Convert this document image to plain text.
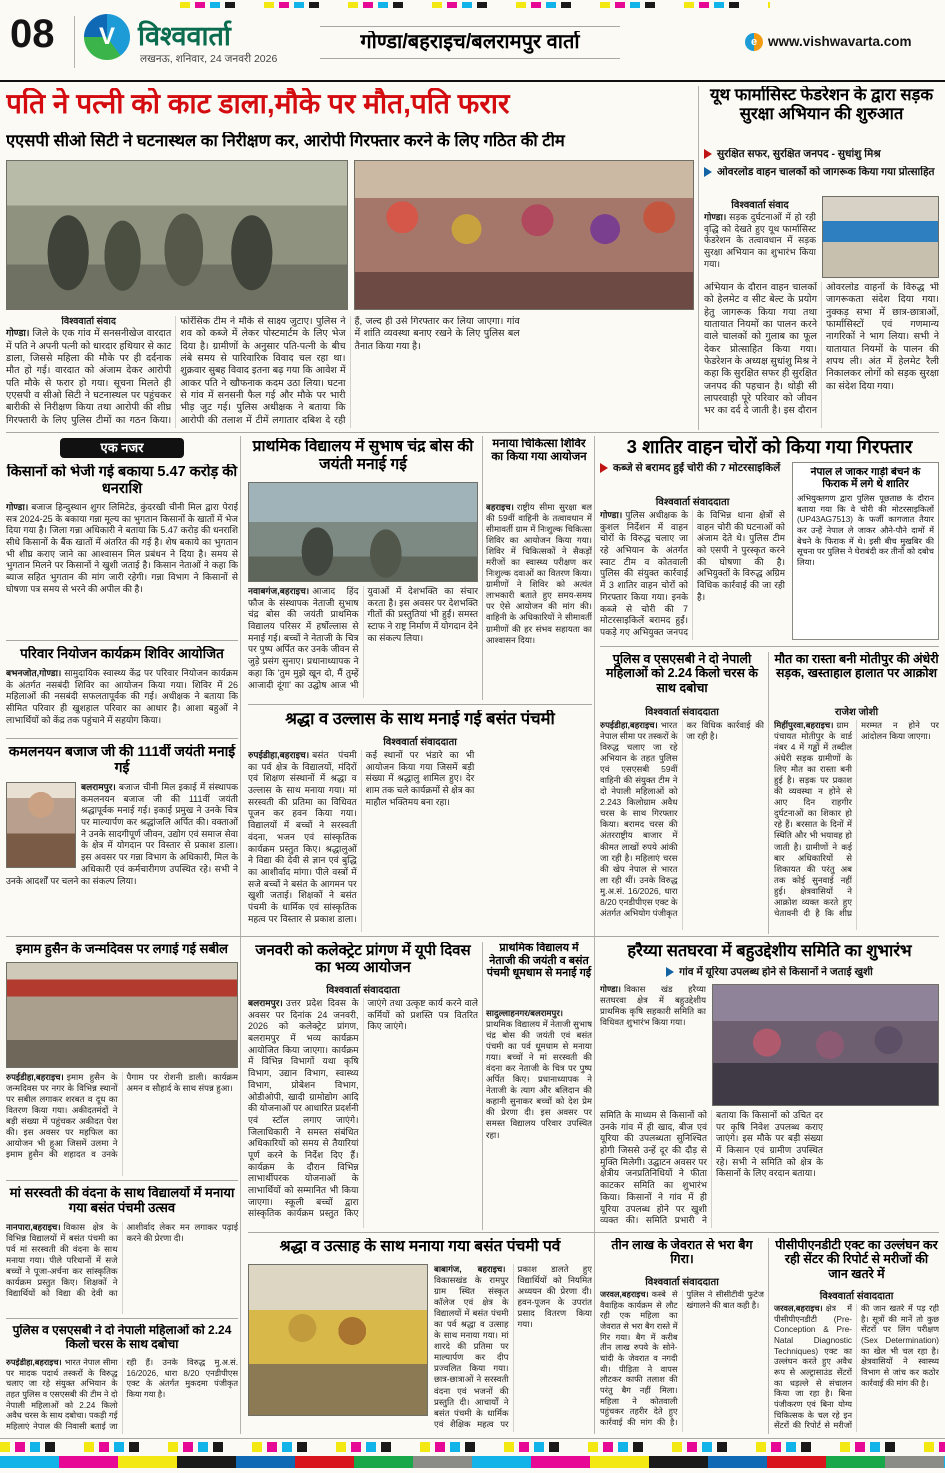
08	V विश्ववार्ता
लखनऊ, शनिवार, 24 जनवरी 2026
गोण्डा/बहराइच/बलरामपुर वार्ता	e www.vishwavarta.com
पति ने पत्नी को काट डाला,मौके पर मौत,पति फरार
एएसपी सीओ सिटी ने घटनास्थल का निरीक्षण कर, आरोपी गिरफ्तार करने के लिए गठित की टीम
विश्ववार्ता संवाद
गोण्डा। जिले के एक गांव में सनसनीखेज वारदात में पति ने अपनी पत्नी को धारदार हथियार से काट डाला, जिससे महिला की मौके पर ही दर्दनाक मौत हो गई। वारदात को अंजाम देकर आरोपी पति मौके से फरार हो गया। सूचना मिलते ही एएसपी व सीओ सिटी ने घटनास्थल पर पहुंचकर बारीकी से निरीक्षण किया तथा आरोपी की शीघ्र गिरफ्तारी के लिए पुलिस टीमों का गठन किया। फोरेंसिक टीम ने मौके से साक्ष्य जुटाए। पुलिस ने शव को कब्जे में लेकर पोस्टमार्टम के लिए भेज दिया है। ग्रामीणों के अनुसार पति-पत्नी के बीच लंबे समय से पारिवारिक विवाद चल रहा था। शुक्रवार सुबह विवाद इतना बढ़ गया कि आवेश में आकर पति ने खौफनाक कदम उठा लिया। घटना से गांव में सनसनी फैल गई और मौके पर भारी भीड़ जुट गई। पुलिस अधीक्षक ने बताया कि आरोपी की तलाश में टीमें लगातार दबिश दे रही हैं, जल्द ही उसे गिरफ्तार कर लिया जाएगा। गांव में शांति व्यवस्था बनाए रखने के लिए पुलिस बल तैनात किया गया है।
यूथ फार्मासिस्ट फेडरेशन के द्वारा सड़क सुरक्षा अभियान की शुरुआत
सुरक्षित सफर, सुरक्षित जनपद - सुधांशु मिश्र
ओवरलोड वाहन चालकों को जागरूक किया गया प्रोत्साहित
विश्ववार्ता संवाद
गोण्डा। सड़क दुर्घटनाओं में हो रही वृद्धि को देखते हुए यूथ फार्मासिस्ट फेडरेशन के तत्वावधान में सड़क सुरक्षा अभियान का शुभारंभ किया गया।
अभियान के दौरान वाहन चालकों को हेलमेट व सीट बेल्ट के प्रयोग हेतु जागरूक किया गया तथा यातायात नियमों का पालन करने वाले चालकों को गुलाब का फूल देकर प्रोत्साहित किया गया। फेडरेशन के अध्यक्ष सुधांशु मिश्र ने कहा कि सुरक्षित सफर ही सुरक्षित जनपद की पहचान है। थोड़ी सी लापरवाही पूरे परिवार को जीवन भर का दर्द दे जाती है। इस दौरान ओवरलोड वाहनों के विरुद्ध भी जागरूकता संदेश दिया गया। नुक्कड़ सभा में छात्र-छात्राओं, फार्मासिस्टों एवं गणमान्य नागरिकों ने भाग लिया। सभी ने यातायात नियमों के पालन की शपथ ली। अंत में हेलमेट रैली निकालकर लोगों को सड़क सुरक्षा का संदेश दिया गया।
एक नजर
किसानों को भेजी गई बकाया 5.47 करोड़ की धनराशि
गोण्डा। बजाज हिन्दुस्थान शुगर लिमिटेड, कुंदरखी चीनी मिल द्वारा पेराई सत्र 2024-25 के बकाया गन्ना मूल्य का भुगतान किसानों के खातों में भेज दिया गया है। जिला गन्ना अधिकारी ने बताया कि 5.47 करोड़ की धनराशि सीधे किसानों के बैंक खातों में अंतरित की गई है। शेष बकाये का भुगतान भी शीघ्र कराए जाने का आश्वासन मिल प्रबंधन ने दिया है। समय से भुगतान मिलने पर किसानों ने खुशी जताई है। किसान नेताओं ने कहा कि ब्याज सहित भुगतान की मांग जारी रहेगी। गन्ना विभाग ने किसानों से घोषणा पत्र समय से भरने की अपील की है।
परिवार नियोजन कार्यक्रम शिविर आयोजित
बभनजोत,गोण्डा। सामुदायिक स्वास्थ्य केंद्र पर परिवार नियोजन कार्यक्रम के अंतर्गत नसबंदी शिविर का आयोजन किया गया। शिविर में 26 महिलाओं की नसबंदी सफलतापूर्वक की गई। अधीक्षक ने बताया कि सीमित परिवार ही खुशहाल परिवार का आधार है। आशा बहुओं ने लाभार्थियों को केंद्र तक पहुंचाने में सहयोग किया।
कमलनयन बजाज जी की 111वीं जयंती मनाई गई
बलरामपुर। बजाज चीनी मिल इकाई में संस्थापक कमलनयन बजाज जी की 111वीं जयंती श्रद्धापूर्वक मनाई गई। इकाई प्रमुख ने उनके चित्र पर माल्यार्पण कर श्रद्धांजलि अर्पित की। वक्ताओं ने उनके सादगीपूर्ण जीवन, उद्योग एवं समाज सेवा के क्षेत्र में योगदान पर विस्तार से प्रकाश डाला। इस अवसर पर गन्ना विभाग के अधिकारी, मिल के अधिकारी एवं कर्मचारीगण उपस्थित रहे। सभी ने उनके आदर्शों पर चलने का संकल्प लिया।
प्राथमिक विद्यालय में सुभाष चंद्र बोस की जयंती मनाई गई
नवाबगंज,बहराइच। आजाद हिंद फौज के संस्थापक नेताजी सुभाष चंद्र बोस की जयंती प्राथमिक विद्यालय परिसर में हर्षोल्लास से मनाई गई। बच्चों ने नेताजी के चित्र पर पुष्प अर्पित कर उनके जीवन से जुड़े प्रसंग सुनाए। प्रधानाध्यापक ने कहा कि 'तुम मुझे खून दो, मैं तुम्हें आजादी दूंगा' का उद्घोष आज भी युवाओं में देशभक्ति का संचार करता है। इस अवसर पर देशभक्ति गीतों की प्रस्तुतियां भी हुईं। समस्त स्टाफ ने राष्ट्र निर्माण में योगदान देने का संकल्प लिया।
मनाया चिकित्सा शिविर का किया गया आयोजन
बहराइच। राष्ट्रीय सीमा सुरक्षा बल की 59वीं वाहिनी के तत्वावधान में सीमावर्ती ग्राम में निःशुल्क चिकित्सा शिविर का आयोजन किया गया। शिविर में चिकित्सकों ने सैकड़ों मरीजों का स्वास्थ्य परीक्षण कर निःशुल्क दवाओं का वितरण किया। ग्रामीणों ने शिविर को अत्यंत लाभकारी बताते हुए समय-समय पर ऐसे आयोजन की मांग की। वाहिनी के अधिकारियों ने सीमावर्ती ग्रामीणों की हर संभव सहायता का आश्वासन दिया।
3 शातिर वाहन चोरों को किया गया गिरफ्तार
कब्जे से बरामद हुईं चोरी की 7 मोटरसाइकिलें
विश्ववार्ता संवाददाता
गोण्डा। पुलिस अधीक्षक के कुशल निर्देशन में वाहन चोरों के विरुद्ध चलाए जा रहे अभियान के अंतर्गत स्वाट टीम व कोतवाली पुलिस की संयुक्त कार्रवाई में 3 शातिर वाहन चोरों को गिरफ्तार किया गया। इनके कब्जे से चोरी की 7 मोटरसाइकिलें बरामद हुईं। पकड़े गए अभियुक्त जनपद के विभिन्न थाना क्षेत्रों से वाहन चोरी की घटनाओं को अंजाम देते थे। पुलिस टीम को एसपी ने पुरस्कृत करने की घोषणा की है। अभियुक्तों के विरुद्ध अग्रिम विधिक कार्रवाई की जा रही है।
नेपाल ले जाकर गाड़ी बेचने के फिराक में लगे थे शातिर
अभियुक्तगण द्वारा पुलिस पूछताछ के दौरान बताया गया कि वे चोरी की मोटरसाइकिलों (UP43AG7513) के फर्जी कागजात तैयार कर उन्हें नेपाल ले जाकर औने-पौने दामों में बेचने के फिराक में थे। इसी बीच मुखबिर की सूचना पर पुलिस ने घेराबंदी कर तीनों को दबोच लिया।
पुलिस व एसएसबी ने दो नेपाली महिलाओं को 2.24 किलो चरस के साथ दबोचा
विश्ववार्ता संवाददाता
रुपईडीहा,बहराइच। भारत नेपाल सीमा पर तस्करों के विरुद्ध चलाए जा रहे अभियान के तहत पुलिस एवं एसएसबी 59वीं वाहिनी की संयुक्त टीम ने दो नेपाली महिलाओं को 2.243 किलोग्राम अवैध चरस के साथ गिरफ्तार किया। बरामद चरस की अंतरराष्ट्रीय बाजार में कीमत लाखों रुपये आंकी जा रही है। महिलाएं चरस की खेप नेपाल से भारत ला रही थीं। उनके विरुद्ध मु.अ.सं. 16/2026, धारा 8/20 एनडीपीएस एक्ट के अंतर्गत अभियोग पंजीकृत कर विधिक कार्रवाई की जा रही है।
मौत का रास्ता बनी मोतीपुर की अंधेरी सड़क, खस्ताहाल हालात पर आक्रोश
राजेश जोशी
मिहींपुरवा,बहराइच। ग्राम पंचायत मोतीपुर के वार्ड नंबर 4 में गड्ढों में तब्दील अंधेरी सड़क ग्रामीणों के लिए मौत का रास्ता बनी हुई है। सड़क पर प्रकाश की व्यवस्था न होने से आए दिन राहगीर दुर्घटनाओं का शिकार हो रहे हैं। बरसात के दिनों में स्थिति और भी भयावह हो जाती है। ग्रामीणों ने कई बार अधिकारियों से शिकायत की परंतु अब तक कोई सुनवाई नहीं हुई। क्षेत्रवासियों ने आक्रोश व्यक्त करते हुए चेतावनी दी है कि शीघ्र मरम्मत न होने पर आंदोलन किया जाएगा।
श्रद्धा व उल्लास के साथ मनाई गई बसंत पंचमी
विश्ववार्ता संवाददाता
रुपईडीहा,बहराइच। बसंत पंचमी का पर्व क्षेत्र के विद्यालयों, मंदिरों एवं शिक्षण संस्थानों में श्रद्धा व उल्लास के साथ मनाया गया। मां सरस्वती की प्रतिमा का विधिवत पूजन कर हवन किया गया। विद्यालयों में बच्चों ने सरस्वती वंदना, भजन एवं सांस्कृतिक कार्यक्रम प्रस्तुत किए। श्रद्धालुओं ने विद्या की देवी से ज्ञान एवं बुद्धि का आशीर्वाद मांगा। पीले वस्त्रों में सजे बच्चों ने बसंत के आगमन पर खुशी जताई। शिक्षकों ने बसंत पंचमी के धार्मिक एवं सांस्कृतिक महत्व पर विस्तार से प्रकाश डाला। कई स्थानों पर भंडारे का भी आयोजन किया गया जिसमें बड़ी संख्या में श्रद्धालु शामिल हुए। देर शाम तक चले कार्यक्रमों से क्षेत्र का माहौल भक्तिमय बना रहा।
इमाम हुसैन के जन्मदिवस पर लगाई गई सबील
रुपईडीहा,बहराइच। इमाम हुसैन के जन्मदिवस पर नगर के विभिन्न स्थानों पर सबील लगाकर शरबत व दूध का वितरण किया गया। अकीदतमंदों ने बड़ी संख्या में पहुंचकर अकीदत पेश की। इस अवसर पर महफिल का आयोजन भी हुआ जिसमें उलमा ने इमाम हुसैन की शहादत व उनके पैगाम पर रोशनी डाली। कार्यक्रम अमन व सौहार्द के साथ संपन्न हुआ।
मां सरस्वती की वंदना के साथ विद्यालयों में मनाया गया बसंत पंचमी उत्सव
नानपारा,बहराइच। विकास क्षेत्र के विभिन्न विद्यालयों में बसंत पंचमी का पर्व मां सरस्वती की वंदना के साथ मनाया गया। पीले परिधानों में सजे बच्चों ने पूजा-अर्चना कर सांस्कृतिक कार्यक्रम प्रस्तुत किए। शिक्षकों ने विद्यार्थियों को विद्या की देवी का आशीर्वाद लेकर मन लगाकर पढ़ाई करने की प्रेरणा दी।
पुलिस व एसएसबी ने दो नेपाली महिलाओं को 2.24 किलो चरस के साथ दबोचा
रुपईडीहा,बहराइच। भारत नेपाल सीमा पर मादक पदार्थ तस्करों के विरुद्ध चलाए जा रहे संयुक्त अभियान के तहत पुलिस व एसएसबी की टीम ने दो नेपाली महिलाओं को 2.24 किलो अवैध चरस के साथ दबोचा। पकड़ी गई महिलाएं नेपाल की निवासी बताई जा रही हैं। उनके विरुद्ध मु.अ.सं. 16/2026, धारा 8/20 एनडीपीएस एक्ट के अंतर्गत मुकदमा पंजीकृत किया गया है।
जनवरी को कलेक्ट्रेट प्रांगण में यूपी दिवस का भव्य आयोजन
विश्ववार्ता संवाददाता
बलरामपुर। उत्तर प्रदेश दिवस के अवसर पर दिनांक 24 जनवरी, 2026 को कलेक्ट्रेट प्रांगण, बलरामपुर में भव्य कार्यक्रम आयोजित किया जाएगा। कार्यक्रम में विभिन्न विभागों यथा कृषि विभाग, उद्यान विभाग, स्वास्थ्य विभाग, प्रोबेशन विभाग, ओडीओपी, खादी ग्रामोद्योग आदि की योजनाओं पर आधारित प्रदर्शनी एवं स्टॉल लगाए जाएंगे। जिलाधिकारी ने समस्त संबंधित अधिकारियों को समय से तैयारियां पूर्ण करने के निर्देश दिए हैं। कार्यक्रम के दौरान विभिन्न लाभार्थीपरक योजनाओं के लाभार्थियों को सम्मानित भी किया जाएगा। स्कूली बच्चों द्वारा सांस्कृतिक कार्यक्रम प्रस्तुत किए जाएंगे तथा उत्कृष्ट कार्य करने वाले कर्मियों को प्रशस्ति पत्र वितरित किए जाएंगे।
प्राथमिक विद्यालय में नेताजी की जयंती व बसंत पंचमी धूमधाम से मनाई गई
सादुल्लाहनगर/बलरामपुर।प्राथमिक विद्यालय में नेताजी सुभाष चंद्र बोस की जयंती एवं बसंत पंचमी का पर्व धूमधाम से मनाया गया। बच्चों ने मां सरस्वती की वंदना कर नेताजी के चित्र पर पुष्प अर्पित किए। प्रधानाध्यापक ने नेताजी के त्याग और बलिदान की कहानी सुनाकर बच्चों को देश प्रेम की प्रेरणा दी। इस अवसर पर समस्त विद्यालय परिवार उपस्थित रहा।
हरैय्या सतघरवा में बहुउद्देशीय समिति का शुभारंभ
गांव में यूरिया उपलब्ध होने से किसानों ने जताई खुशी
गोण्डा। विकास खंड हरैय्या सतघरवा क्षेत्र में बहुउद्देशीय प्राथमिक कृषि सहकारी समिति का विधिवत शुभारंभ किया गया।
समिति के माध्यम से किसानों को उनके गांव में ही खाद, बीज एवं यूरिया की उपलब्धता सुनिश्चित होगी जिससे उन्हें दूर की दौड़ से मुक्ति मिलेगी। उद्घाटन अवसर पर क्षेत्रीय जनप्रतिनिधियों ने फीता काटकर समिति का शुभारंभ किया। किसानों ने गांव में ही यूरिया उपलब्ध होने पर खुशी व्यक्त की। समिति प्रभारी ने बताया कि किसानों को उचित दर पर कृषि निवेश उपलब्ध कराए जाएंगे। इस मौके पर बड़ी संख्या में किसान एवं ग्रामीण उपस्थित रहे। सभी ने समिति को क्षेत्र के किसानों के लिए वरदान बताया।
श्रद्धा व उत्साह के साथ मनाया गया बसंत पंचमी पर्व
बाबागंज, बहराइच।विकासखंड के रामपुर ग्राम स्थित संस्कृत कॉलेज एवं क्षेत्र के विद्यालयों में बसंत पंचमी का पर्व श्रद्धा व उत्साह के साथ मनाया गया। मां शारदे की प्रतिमा पर माल्यार्पण कर दीप प्रज्वलित किया गया। छात्र-छात्राओं ने सरस्वती वंदना एवं भजनों की प्रस्तुति दी। आचार्यों ने बसंत पंचमी के धार्मिक एवं शैक्षिक महत्व पर प्रकाश डालते हुए विद्यार्थियों को नियमित अध्ययन की प्रेरणा दी। हवन-पूजन के उपरांत प्रसाद वितरण किया गया।
तीन लाख के जेवरात से भरा बैग गिरा।
विश्ववार्ता संवाददाता
जरवल,बहराइच। कस्बे से वैवाहिक कार्यक्रम से लौट रही एक महिला का जेवरात से भरा बैग रास्ते में गिर गया। बैग में करीब तीन लाख रुपये के सोने-चांदी के जेवरात व नगदी थी। पीड़िता ने वापस लौटकर काफी तलाश की परंतु बैग नहीं मिला। महिला ने कोतवाली पहुंचकर तहरीर देते हुए कार्रवाई की मांग की है। पुलिस ने सीसीटीवी फुटेज खंगालने की बात कही है।
पीसीपीएनडीटी एक्ट का उल्लंघन कर रही सेंटर की रिपोर्ट से मरीजों की जान खतरे में
विश्ववार्ता संवाददाता
जरवल,बहराइच। क्षेत्र में पीसीपीएनडीटी (Pre-Conception & Pre-Natal Diagnostic Techniques) एक्ट का उल्लंघन करते हुए अवैध रूप से अल्ट्रासाउंड सेंटरों का धड़ल्ले से संचालन किया जा रहा है। बिना पंजीकरण एवं बिना योग्य चिकित्सक के चल रहे इन सेंटरों की रिपोर्ट से मरीजों की जान खतरे में पड़ रही है। सूत्रों की मानें तो कुछ सेंटरों पर लिंग परीक्षण (Sex Determination) का खेल भी चल रहा है। क्षेत्रवासियों ने स्वास्थ्य विभाग से जांच कर कठोर कार्रवाई की मांग की है।
